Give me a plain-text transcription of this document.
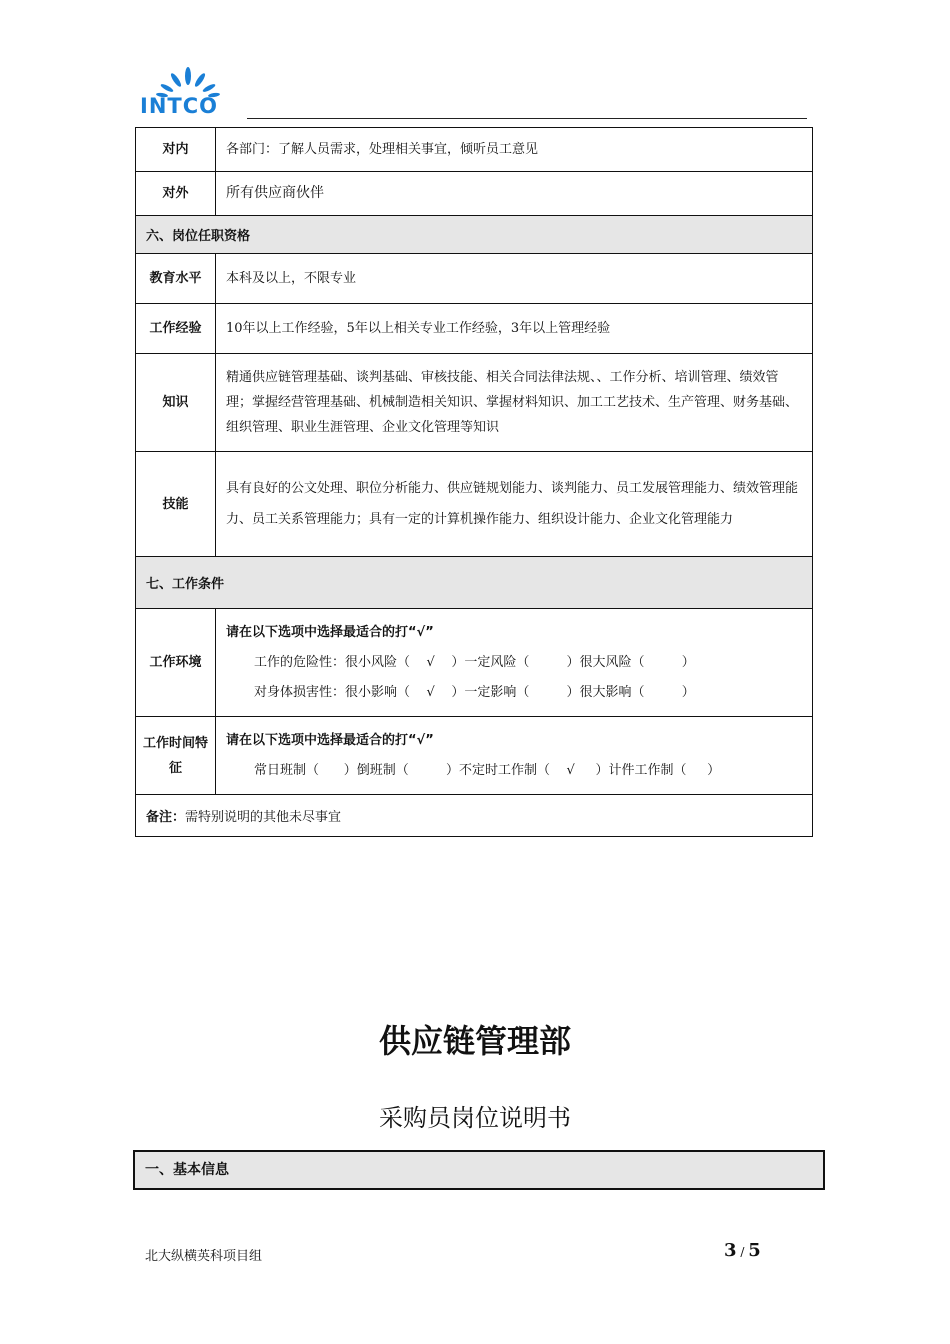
INTCO
对内	各部门：了解人员需求，处理相关事宜，倾听员工意见
对外	所有供应商伙伴
六、岗位任职资格	
教育水平	本科及以上，不限专业
工作经验	10年以上工作经验，5年以上相关专业工作经验，3年以上管理经验
知识	精通供应链管理基础、谈判基础、审核技能、相关合同法律法规、、工作分析、培训管理、绩效管理；掌握经营管理基础、机械制造相关知识、掌握材料知识、加工工艺技术、生产管理、财务基础、组织管理、职业生涯管理、企业文化管理等知识
技能	具有良好的公文处理、职位分析能力、供应链规划能力、谈判能力、员工发展管理能力、绩效管理能力、员工关系管理能力；具有一定的计算机操作能力、组织设计能力、企业文化管理能力
七、工作条件	
工作环境	请在以下选项中选择最适合的打“√”
工作的危险性：很小风险（    √    ）一定风险（         ）很大风险（         ）
对身体损害性：很小影响（    √    ）一定影响（         ）很大影响（         ）

工作时间特征	请在以下选项中选择最适合的打“√”
常日班制（      ）倒班制（         ）不定时工作制（    √     ）计件工作制（     ）

备注：需特别说明的其他未尽事宜	
供应链管理部
采购员岗位说明书
一、基本信息
北大纵横英科项目组	3 / 5
